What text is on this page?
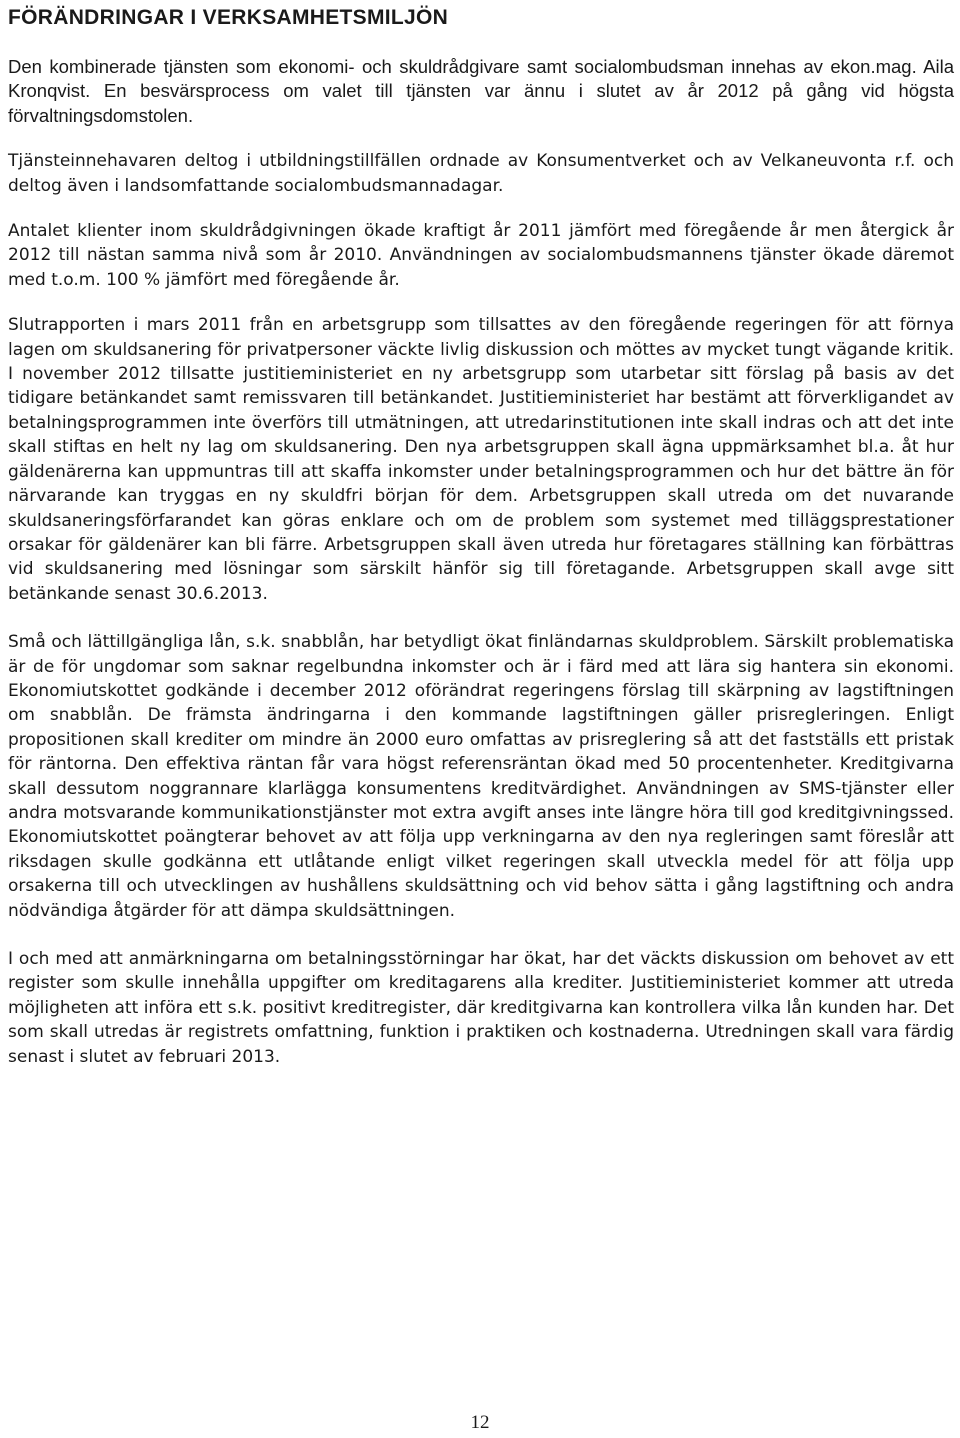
FÖRÄNDRINGAR I VERKSAMHETSMILJÖN

Den kombinerade tjänsten som ekonomi- och skuldrådgivare samt socialombudsman innehas av ekon.mag. Aila Kronqvist. En besvärsprocess om valet till tjänsten var ännu i slutet av år 2012 på gång vid högsta förvaltningsdomstolen.

Tjänsteinnehavaren deltog i utbildningstillfällen ordnade av Konsumentverket och av Velkaneuvonta r.f. och deltog även i landsomfattande socialombudsmannadagar.

Antalet klienter inom skuldrådgivningen ökade kraftigt år 2011 jämfört med föregående år men återgick år 2012 till nästan samma nivå som år 2010. Användningen av socialombudsmannens tjänster ökade däremot med t.o.m. 100 % jämfört med föregående år.

Slutrapporten i mars 2011 från en arbetsgrupp som tillsattes av den föregående regeringen för att förnya lagen om skuldsanering för privatpersoner väckte livlig diskussion och möttes av mycket tungt vägande kritik. I november 2012 tillsatte justitieministeriet en ny arbetsgrupp som utarbetar sitt förslag på basis av det tidigare betänkandet samt remissvaren till betänkandet. Justitieministeriet har bestämt att förverkligandet av betalningsprogrammen inte överförs till utmätningen, att utredarinstitutionen inte skall indras och att det inte skall stiftas en helt ny lag om skuldsanering. Den nya arbetsgruppen skall ägna uppmärksamhet bl.a. åt hur gäldenärerna kan uppmuntras till att skaffa inkomster under betalningsprogrammen och hur det bättre än för närvarande kan tryggas en ny skuldfri början för dem. Arbetsgruppen skall utreda om det nuvarande skuldsaneringsförfarandet kan göras enklare och om de problem som systemet med tilläggsprestationer orsakar för gäldenärer kan bli färre. Arbetsgruppen skall även utreda hur företagares ställning kan förbättras vid skuldsanering med lösningar som särskilt hänför sig till företagande. Arbetsgruppen skall avge sitt betänkande senast 30.6.2013.

Små och lättillgängliga lån, s.k. snabblån, har betydligt ökat finländarnas skuldproblem. Särskilt problematiska är de för ungdomar som saknar regelbundna inkomster och är i färd med att lära sig hantera sin ekonomi. Ekonomiutskottet godkände i december 2012 oförändrat regeringens förslag till skärpning av lagstiftningen om snabblån. De främsta ändringarna i den kommande lagstiftningen gäller prisregleringen. Enligt propositionen skall krediter om mindre än 2000 euro omfattas av prisreglering så att det fastställs ett pristak för räntorna. Den effektiva räntan får vara högst referensräntan ökad med 50 procentenheter. Kreditgivarna skall dessutom noggrannare klarlägga konsumentens kreditvärdighet. Användningen av SMS-tjänster eller andra motsvarande kommunikationstjänster mot extra avgift anses inte längre höra till god kreditgivningssed. Ekonomiutskottet poängterar behovet av att följa upp verkningarna av den nya regleringen samt föreslår att riksdagen skulle godkänna ett utlåtande enligt vilket regeringen skall utveckla medel för att följa upp orsakerna till och utvecklingen av hushållens skuldsättning och vid behov sätta i gång lagstiftning och andra nödvändiga åtgärder för att dämpa skuldsättningen.

I och med att anmärkningarna om betalningsstörningar har ökat, har det väckts diskussion om behovet av ett register som skulle innehålla uppgifter om kreditagarens alla krediter. Justitieministeriet kommer att utreda möjligheten att införa ett s.k. positivt kreditregister, där kreditgivarna kan kontrollera vilka lån kunden har. Det som skall utredas är registrets omfattning, funktion i praktiken och kostnaderna. Utredningen skall vara färdig senast i slutet av februari 2013.

12
